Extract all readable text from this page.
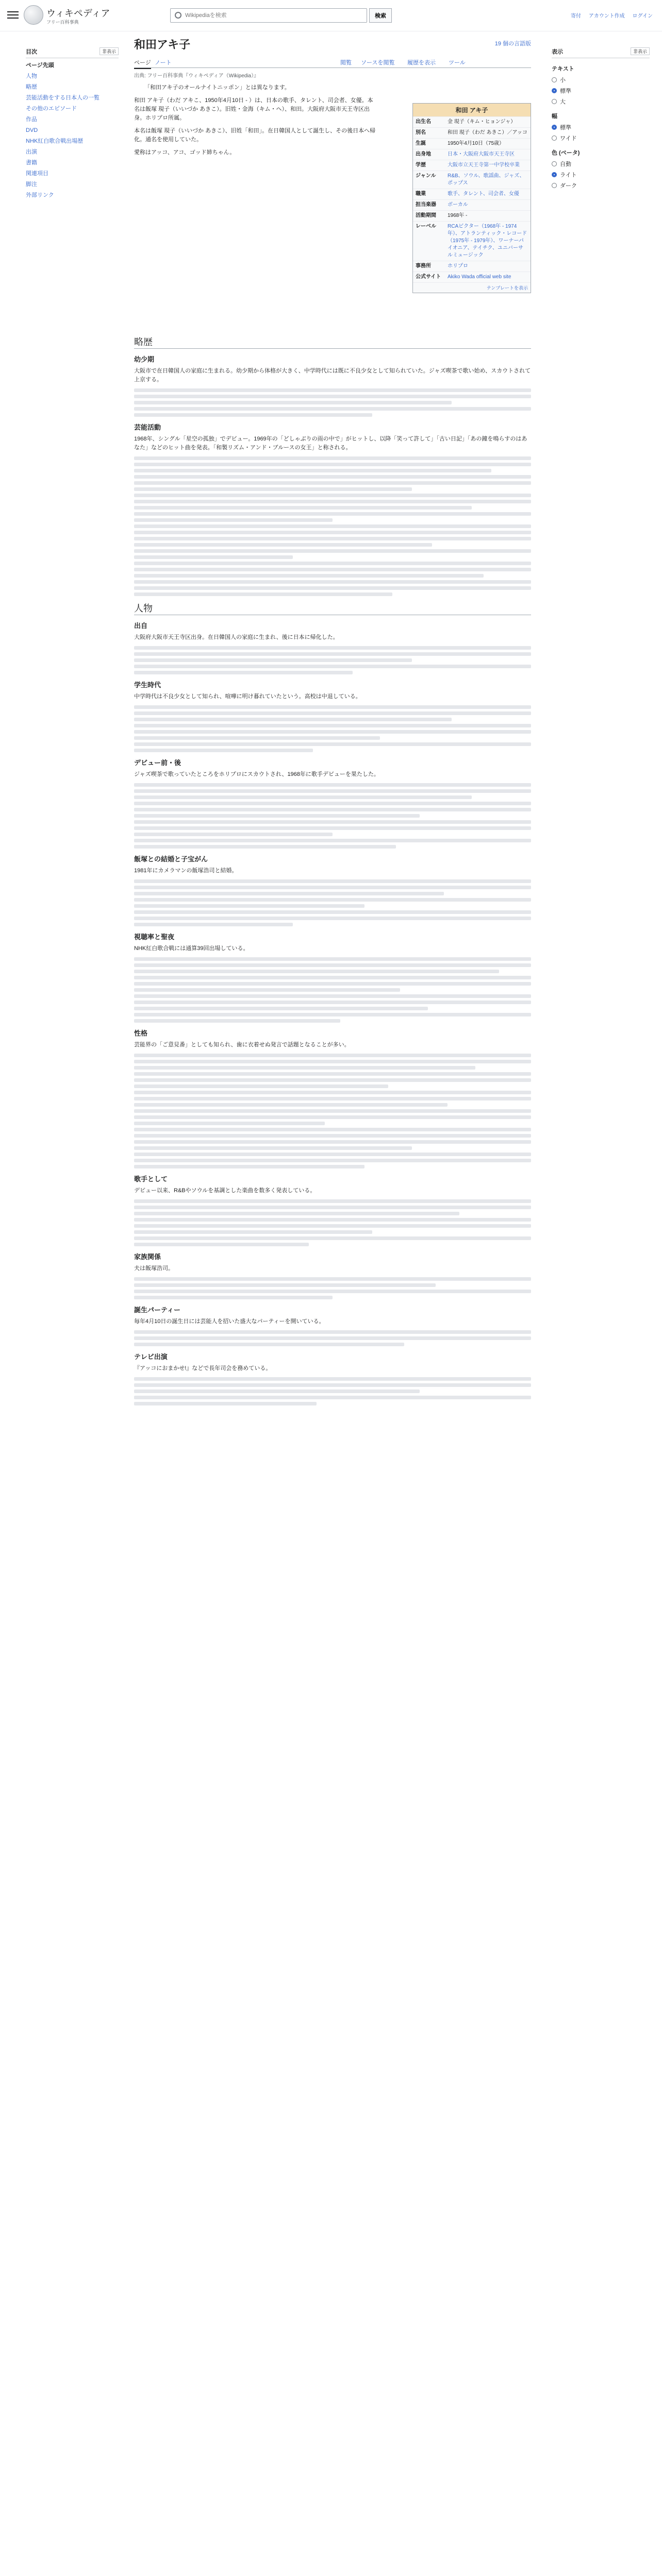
ウィキペディア
フリー百科事典
Wikipediaを検索
検索	寄付 アカウント作成 ログイン
目次	非表示
ページ先頭
人物
略歴
芸能活動をする日本人の一覧
その他のエピソード
作品
DVD
NHK紅白歌合戦出場歴
出演
書籍
関連項目
脚注
外部リンク
和田アキ子	19 個の言語版
ページ ノート	閲覧 ソースを閲覧 履歴を表示 ツール
出典: フリー百科事典『ウィキペディア（Wikipedia）』
「和田アキ子のオールナイトニッポン」とは異なります。

和田 アキ子（わだ アキこ、1950年4月10日 - ）は、日本の歌手、タレント、司会者、女優。本名は飯塚 現子（いいづか あきこ）。旧姓・金海（キム・ヘ）、和田。大阪府大阪市天王寺区出身。ホリプロ所属。

本名は飯塚 現子（いいづか あきこ）、旧姓「和田」。在日韓国人として誕生し、その後日本へ帰化。通名を使用していた。

愛称はアッコ、アコ、ゴッド姉ちゃん。

和田 アキ子
出生名	金 現子（キム・ヒョンジャ）
別名	和田 現子（わだ あきこ）／アッコ
生誕	1950年4月10日（75歳）
出身地	日本・大阪府大阪市天王寺区
学歴	大阪市立天王寺第一中学校卒業
ジャンル	R&B、ソウル、歌謡曲、ジャズ、ポップス
職業	歌手、タレント、司会者、女優
担当楽器	ボーカル
活動期間	1968年 -
レーベル	RCAビクター（1968年 - 1974年）、アトランティック・レコード（1975年 - 1979年）、ワーナーパイオニア、テイチク、ユニバーサルミュージック
事務所	ホリプロ
公式サイト	Akiko Wada official web site
テンプレートを表示
略歴
幼少期

大阪市で在日韓国人の家庭に生まれる。幼少期から体格が大きく、中学時代には既に不良少女として知られていた。ジャズ喫茶で歌い始め、スカウトされて上京する。

芸能活動

1968年、シングル「星空の孤独」でデビュー。1969年の「どしゃぶりの雨の中で」がヒットし、以降「笑って許して」「古い日記」「あの鐘を鳴らすのはあなた」などのヒット曲を発表。「和製リズム・アンド・ブルースの女王」と称される。

人物
出自

大阪府大阪市天王寺区出身。在日韓国人の家庭に生まれ、後に日本に帰化した。

学生時代

中学時代は不良少女として知られ、喧嘩に明け暮れていたという。高校は中退している。

デビュー前・後

ジャズ喫茶で歌っていたところをホリプロにスカウトされ、1968年に歌手デビューを果たした。

飯塚との結婚と子宝がん

1981年にカメラマンの飯塚浩司と結婚。

視聴率と聖夜

NHK紅白歌合戦には通算39回出場している。

性格

芸能界の「ご意見番」としても知られ、歯に衣着せぬ発言で話題となることが多い。

歌手として

デビュー以来、R&Bやソウルを基調とした楽曲を数多く発表している。

家族関係

夫は飯塚浩司。

誕生パーティー

毎年4月10日の誕生日には芸能人を招いた盛大なパーティーを開いている。

テレビ出演

『アッコにおまかせ!』などで長年司会を務めている。

表示	非表示
テキスト
小
標準
大
幅
標準
ワイド
色 (ベータ)
自動
ライト
ダーク
